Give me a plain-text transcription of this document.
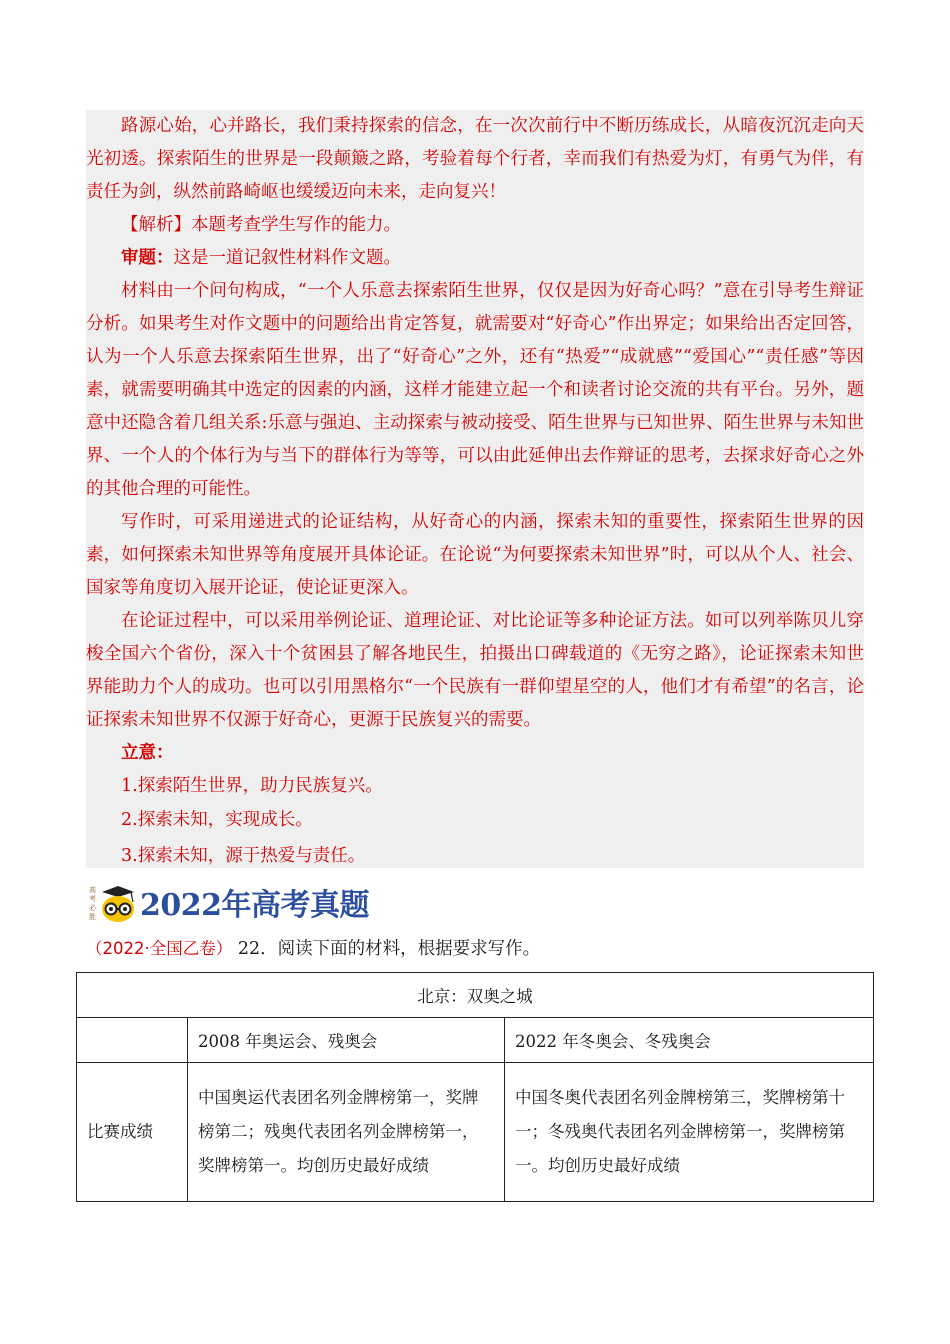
路源心始，心并路长，我们秉持探索的信念，在一次次前行中不断历练成长，从暗夜沉沉走向天光初透。探索陌生的世界是一段颠簸之路，考验着每个行者，幸而我们有热爱为灯，有勇气为伴，有责任为剑，纵然前路崎岖也缓缓迈向未来，走向复兴！

【解析】本题考查学生写作的能力。

审题：这是一道记叙性材料作文题。

材料由一个问句构成，“一个人乐意去探索陌生世界，仅仅是因为好奇心吗？”意在引导考生辩证分析。如果考生对作文题中的问题给出肯定答复，就需要对“好奇心”作出界定；如果给出否定回答，认为一个人乐意去探索陌生世界，出了“好奇心”之外，还有“热爱”“成就感”“爱国心”“责任感”等因素，就需要明确其中选定的因素的内涵，这样才能建立起一个和读者讨论交流的共有平台。另外，题意中还隐含着几组关系:乐意与强迫、主动探索与被动接受、陌生世界与已知世界、陌生世界与未知世界、一个人的个体行为与当下的群体行为等等，可以由此延伸出去作辩证的思考，去探求好奇心之外的其他合理的可能性。

写作时，可采用递进式的论证结构，从好奇心的内涵，探索未知的重要性，探索陌生世界的因素，如何探索未知世界等角度展开具体论证。在论说“为何要探索未知世界”时，可以从个人、社会、国家等角度切入展开论证，使论证更深入。

在论证过程中，可以采用举例论证、道理论证、对比论证等多种论证方法。如可以列举陈贝儿穿梭全国六个省份，深入十个贫困县了解各地民生，拍摄出口碑载道的《无穷之路》，论证探索未知世界能助力个人的成功。也可以引用黑格尔“一个民族有一群仰望星空的人，他们才有希望”的名言，论证探索未知世界不仅源于好奇心，更源于民族复兴的需要。

立意：

1.探索陌生世界，助力民族复兴。

2.探索未知，实现成长。

3.探索未知，源于热爱与责任。

高
考
必
胜 2022年高考真题
（2022·全国乙卷） 22．阅读下面的材料，根据要求写作。
北京：双奥之城		
	2008 年奥运会、残奥会	2022 年冬奥会、冬残奥会
比赛成绩	中国奥运代表团名列金牌榜第一，奖牌榜第二；残奥代表团名列金牌榜第一，奖牌榜第一。均创历史最好成绩	中国冬奥代表团名列金牌榜第三，奖牌榜第十一；冬残奥代表团名列金牌榜第一，奖牌榜第一。均创历史最好成绩
